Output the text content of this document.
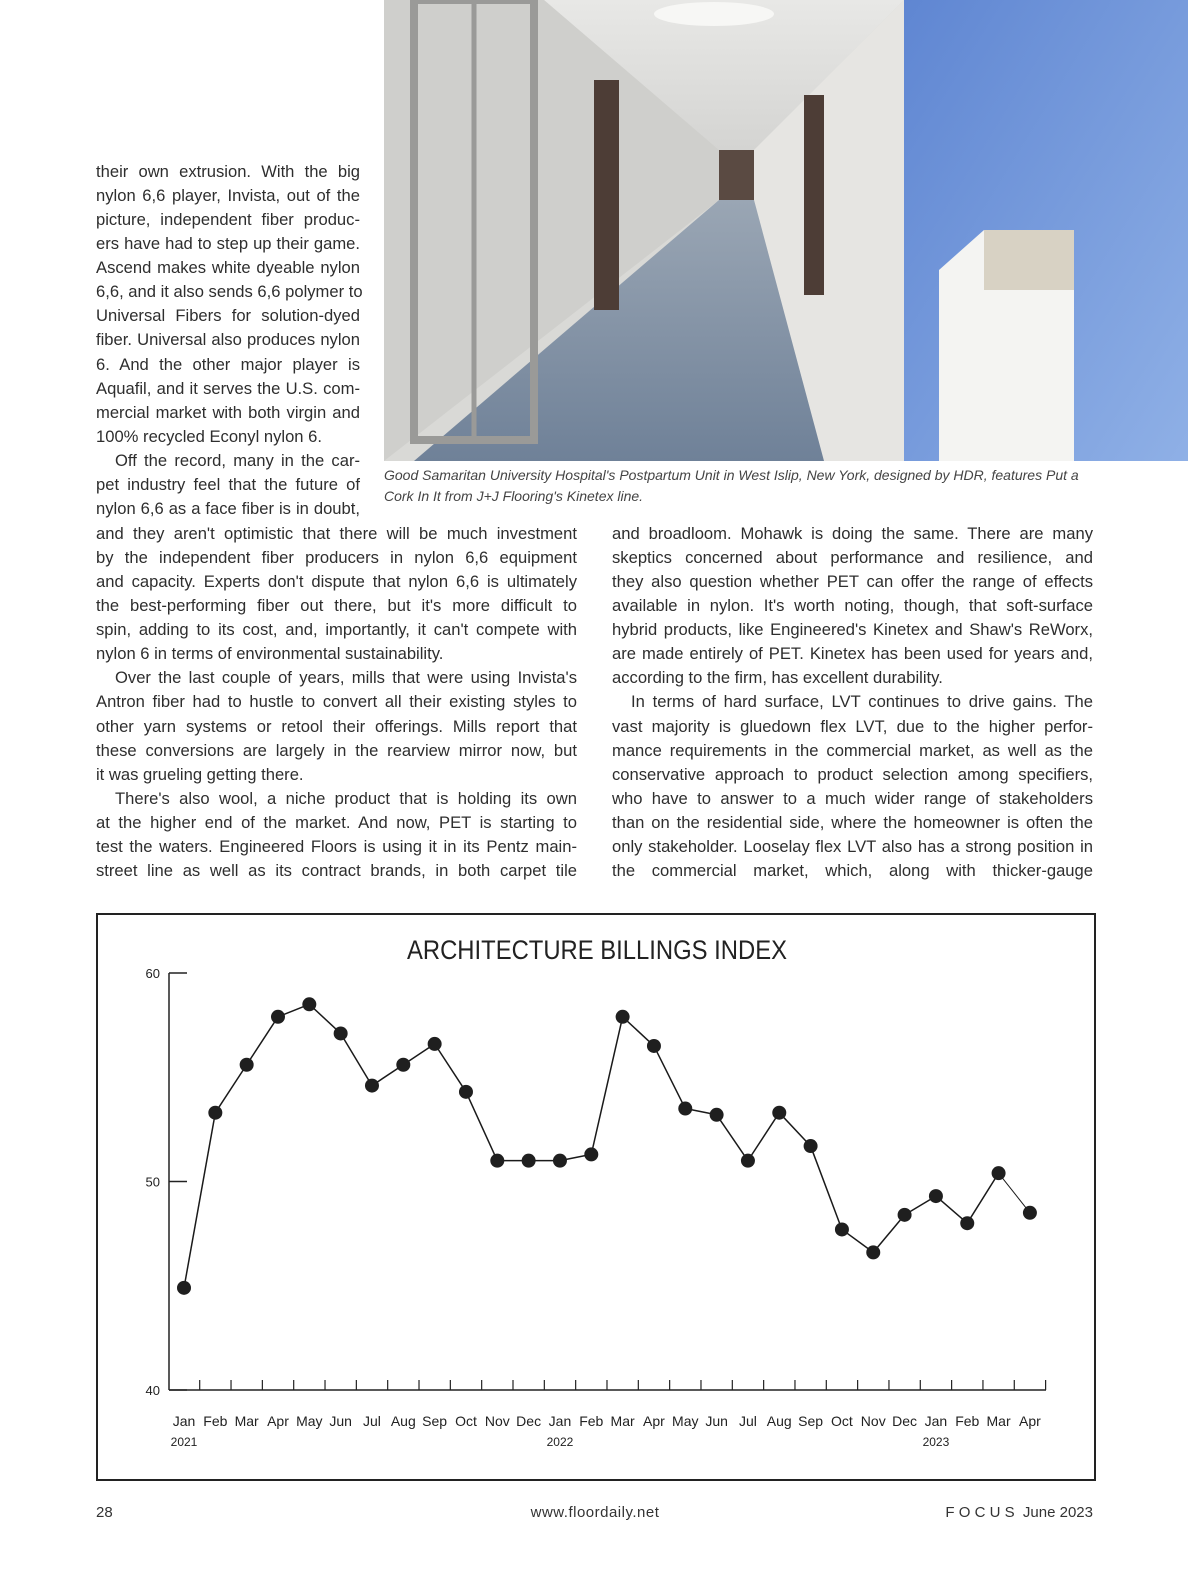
Good Samaritan University Hospital's Postpartum Unit in West Islip, New York, designed by HDR, features Put a Cork In It from J+J Flooring's Kinetex line.
their own extrusion. With the big
nylon 6,6 player, Invista, out of the
picture, independent fiber produc-
ers have had to step up their game.
Ascend makes white dyeable nylon
6,6, and it also sends 6,6 polymer to
Universal Fibers for solution-dyed
fiber. Universal also produces nylon
6. And the other major player is
Aquafil, and it serves the U.S. com-
mercial market with both virgin and
100% recycled Econyl nylon 6.
Off the record, many in the car-
pet industry feel that the future of
nylon 6,6 as a face fiber is in doubt,
and they aren't optimistic that there will be much investment
by the independent fiber producers in nylon 6,6 equipment
and capacity. Experts don't dispute that nylon 6,6 is ultimately
the best-performing fiber out there, but it's more difficult to
spin, adding to its cost, and, importantly, it can't compete with
nylon 6 in terms of environmental sustainability.
Over the last couple of years, mills that were using Invista's
Antron fiber had to hustle to convert all their existing styles to
other yarn systems or retool their offerings. Mills report that
these conversions are largely in the rearview mirror now, but
it was grueling getting there.
There's also wool, a niche product that is holding its own
at the higher end of the market. And now, PET is starting to
test the waters. Engineered Floors is using it in its Pentz main-
street line as well as its contract brands, in both carpet tile
and broadloom. Mohawk is doing the same. There are many
skeptics concerned about performance and resilience, and
they also question whether PET can offer the range of effects
available in nylon. It's worth noting, though, that soft-surface
hybrid products, like Engineered's Kinetex and Shaw's ReWorx,
are made entirely of PET. Kinetex has been used for years and,
according to the firm, has excellent durability.
In terms of hard surface, LVT continues to drive gains. The
vast majority is gluedown flex LVT, due to the higher perfor-
mance requirements in the commercial market, as well as the
conservative approach to product selection among specifiers,
who have to answer to a much wider range of stakeholders
than on the residential side, where the homeowner is often the
only stakeholder. Looselay flex LVT also has a strong position in
the commercial market, which, along with thicker-gauge
ARCHITECTURE BILLINGS INDEX
40
50
60
Jan Feb Mar Apr May Jun Jul Aug Sep Oct Nov Dec Jan Feb Mar Apr May Jun Jul Aug Sep Oct Nov Dec Jan Feb Mar Apr
2021	2022	2023
28	www.floordaily.net	F O C U S  June 2023
